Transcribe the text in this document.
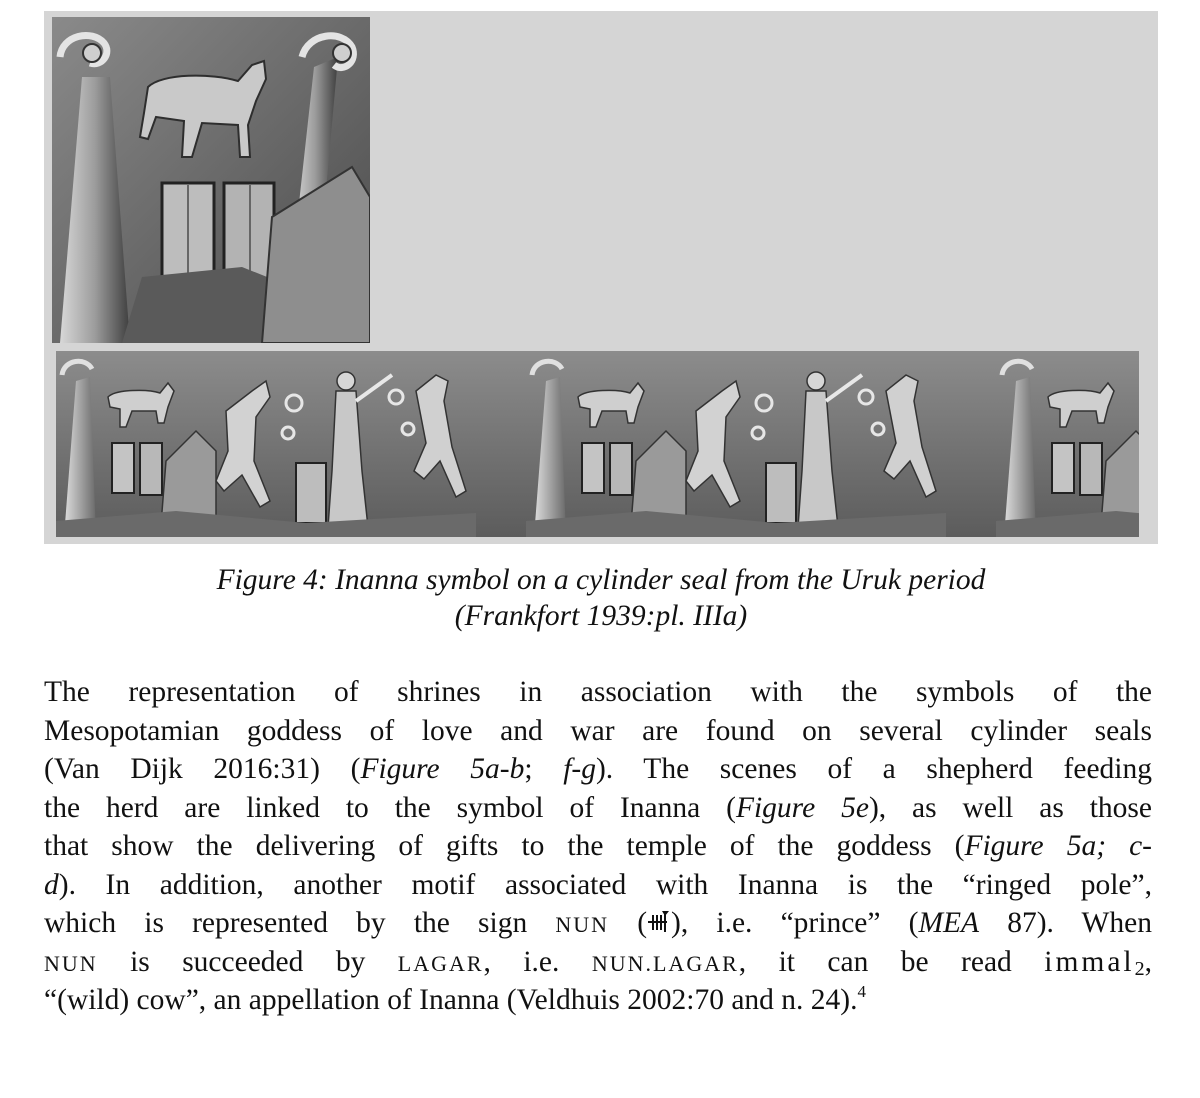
Figure 4: Inanna symbol on a cylinder seal from the Uruk period
(Frankfort 1939:pl. IIIa)
The representation of shrines in association with the symbols of the
Mesopotamian goddess of love and war are found on several cylinder seals
(Van Dijk 2016:31) (Figure 5a-b; f-g). The scenes of a shepherd feeding
the herd are linked to the symbol of Inanna (Figure 5e), as well as those
that show the delivering of gifts to the temple of the goddess (Figure 5a; c-
d). In addition, another motif associated with Inanna is the “ringed pole”,
which is represented by the sign NUN ( ), i.e. “prince” (MEA 87). When
NUN is succeeded by LAGAR, i.e. NUN.LAGAR, it can be read immal$_2$,
“(wild) cow”, an appellation of Inanna (Veldhuis 2002:70 and n. 24).$^4$
